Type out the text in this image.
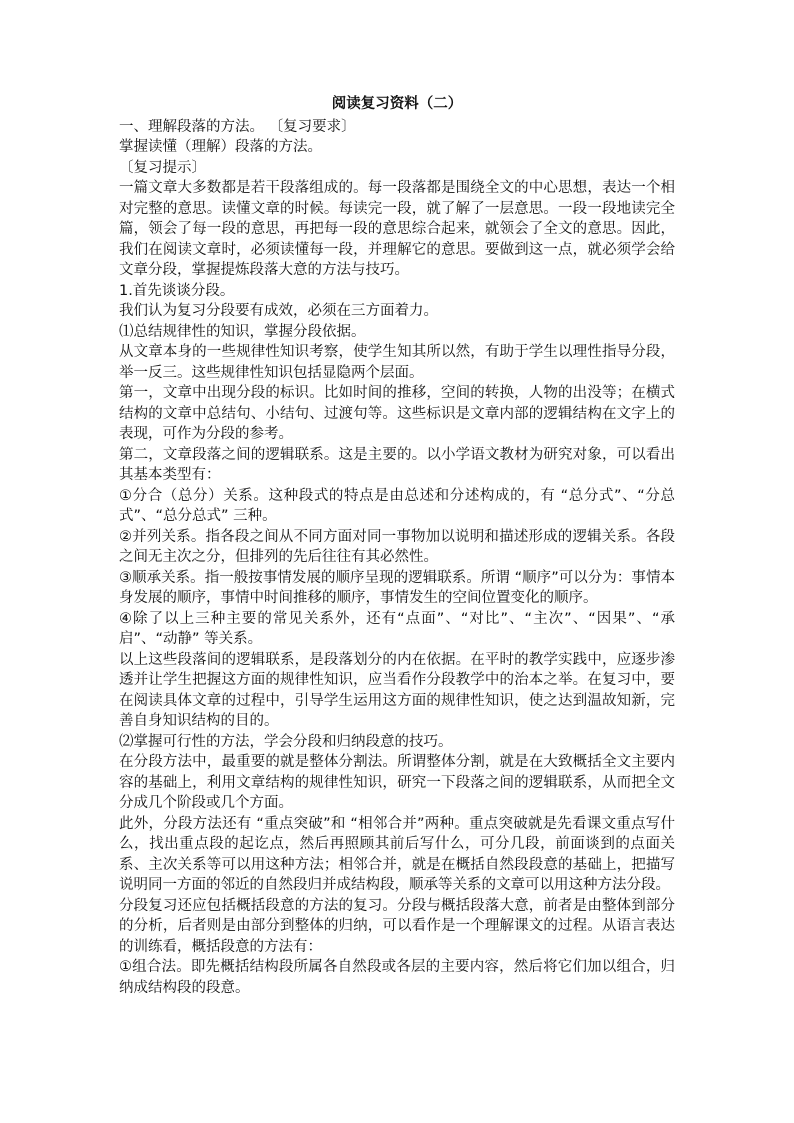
阅读复习资料（二）

一、理解段落的方法。 〔复习要求〕

掌握读懂（理解）段落的方法。

〔复习提示〕

一篇文章大多数都是若干段落组成的。每一段落都是围绕全文的中心思想，表达一个相对完整的意思。读懂文章的时候。每读完一段，就了解了一层意思。一段一段地读完全篇，领会了每一段的意思，再把每一段的意思综合起来，就领会了全文的意思。因此，我们在阅读文章时，必须读懂每一段，并理解它的意思。要做到这一点，就必须学会给文章分段，掌握提炼段落大意的方法与技巧。

1.首先谈谈分段。

我们认为复习分段要有成效，必须在三方面着力。

⑴总结规律性的知识，掌握分段依据。

从文章本身的一些规律性知识考察，使学生知其所以然，有助于学生以理性指导分段，举一反三。这些规律性知识包括显隐两个层面。

第一，文章中出现分段的标识。比如时间的推移，空间的转换，人物的出没等；在横式结构的文章中总结句、小结句、过渡句等。这些标识是文章内部的逻辑结构在文字上的表现，可作为分段的参考。

第二，文章段落之间的逻辑联系。这是主要的。以小学语文教材为研究对象，可以看出其基本类型有：

①分合（总分）关系。这种段式的特点是由总述和分述构成的，有 “总分式”、“分总式”、“总分总式” 三种。

②并列关系。指各段之间从不同方面对同一事物加以说明和描述形成的逻辑关系。各段之间无主次之分，但排列的先后往往有其必然性。

③顺承关系。指一般按事情发展的顺序呈现的逻辑联系。所谓 “顺序”可以分为：事情本身发展的顺序，事情中时间推移的顺序，事情发生的空间位置变化的顺序。

④除了以上三种主要的常见关系外，还有“点面”、“对比”、“主次”、“因果”、“承启”、“动静” 等关系。

以上这些段落间的逻辑联系，是段落划分的内在依据。在平时的教学实践中，应逐步渗透并让学生把握这方面的规律性知识，应当看作分段教学中的治本之举。在复习中，要在阅读具体文章的过程中，引导学生运用这方面的规律性知识，使之达到温故知新，完善自身知识结构的目的。

⑵掌握可行性的方法，学会分段和归纳段意的技巧。

在分段方法中，最重要的就是整体分割法。所谓整体分割，就是在大致概括全文主要内容的基础上，利用文章结构的规律性知识，研究一下段落之间的逻辑联系，从而把全文分成几个阶段或几个方面。

此外，分段方法还有 “重点突破”和 “相邻合并”两种。重点突破就是先看课文重点写什么，找出重点段的起讫点，然后再照顾其前后写什么，可分几段，前面谈到的点面关系、主次关系等可以用这种方法；相邻合并，就是在概括自然段段意的基础上，把描写说明同一方面的邻近的自然段归并成结构段，顺承等关系的文章可以用这种方法分段。

分段复习还应包括概括段意的方法的复习。分段与概括段落大意，前者是由整体到部分的分析，后者则是由部分到整体的归纳，可以看作是一个理解课文的过程。从语言表达的训练看，概括段意的方法有：

①组合法。即先概括结构段所属各自然段或各层的主要内容，然后将它们加以组合，归纳成结构段的段意。
